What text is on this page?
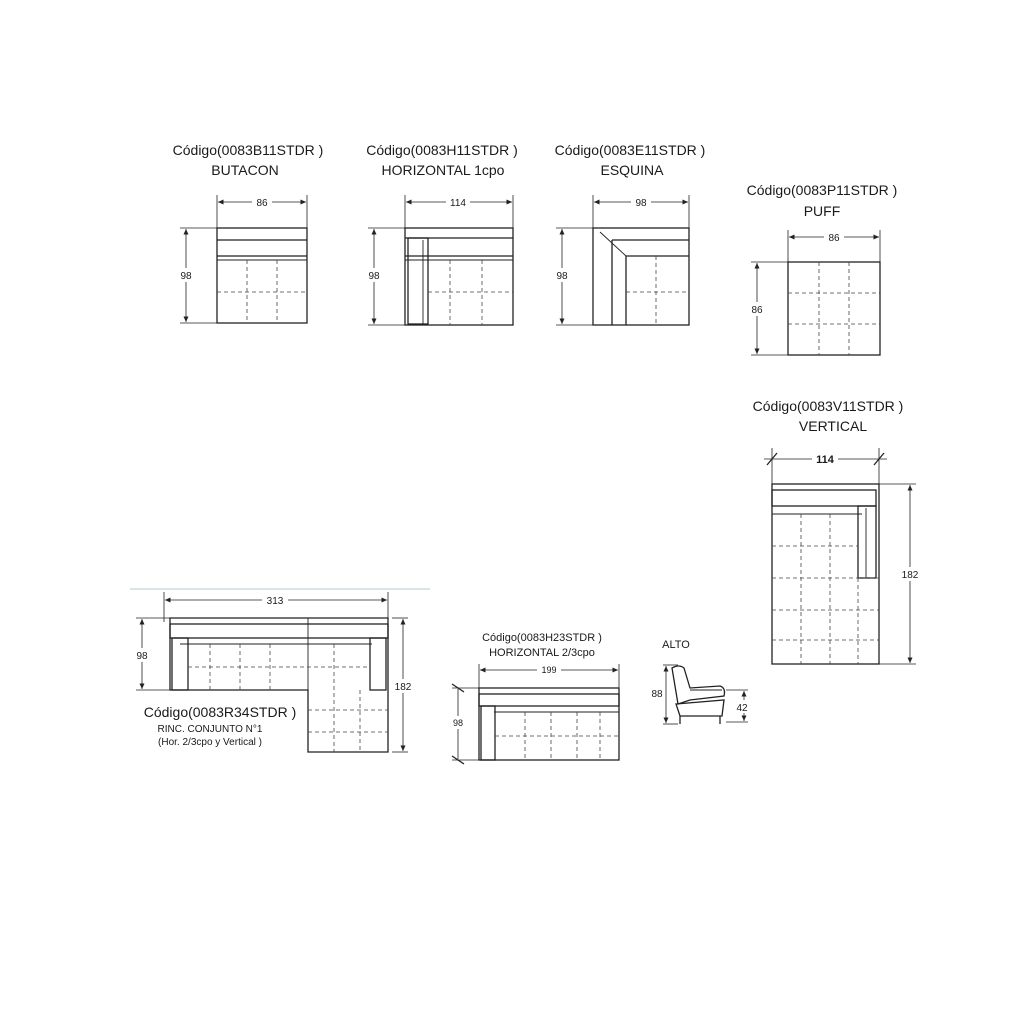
Código(0083B11STDR )
BUTACON
86
98
Código(0083H11STDR )
HORIZONTAL 1cpo
114
98
Código(0083E11STDR )
ESQUINA
98
98
Código(0083P11STDR )
PUFF
86
86
Código(0083V11STDR )
VERTICAL
114
182
313
98
182
Código(0083R34STDR )
RINC. CONJUNTO N°1
(Hor. 2/3cpo y Vertical )
Código(0083H23STDR )
HORIZONTAL 2/3cpo
199
98
ALTO
88
42
